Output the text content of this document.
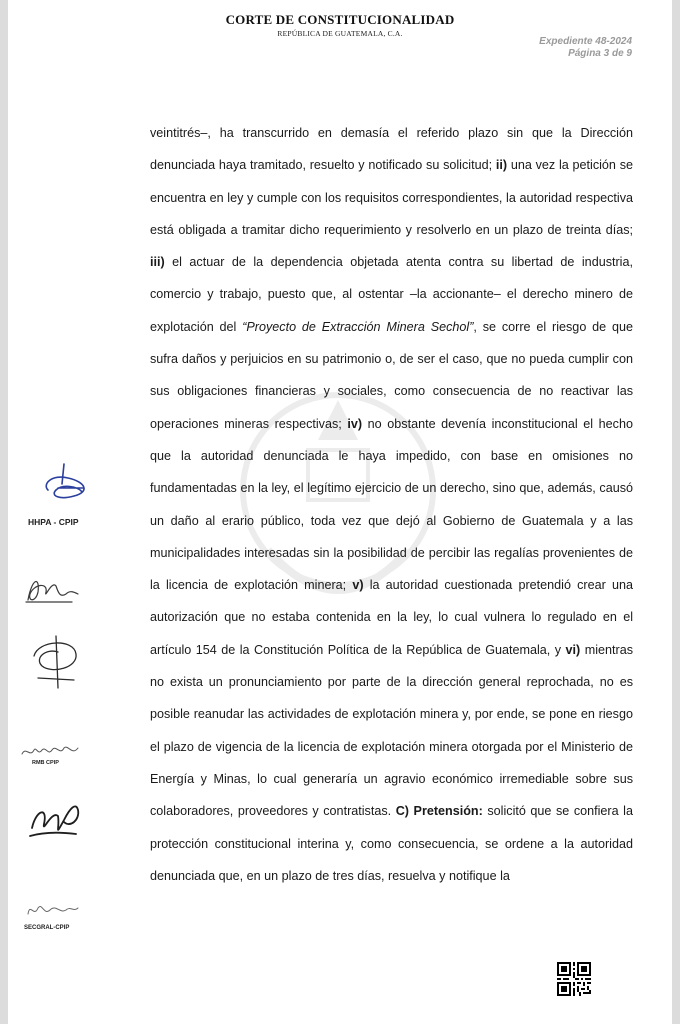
CORTE DE CONSTITUCIONALIDAD
REPÚBLICA DE GUATEMALA, C.A.
Expediente 48-2024
Página 3 de 9
veintitrés–, ha transcurrido en demasía el referido plazo sin que la Dirección denunciada haya tramitado, resuelto y notificado su solicitud; ii) una vez la petición se encuentra en ley y cumple con los requisitos correspondientes, la autoridad respectiva está obligada a tramitar dicho requerimiento y resolverlo en un plazo de treinta días; iii) el actuar de la dependencia objetada atenta contra su libertad de industria, comercio y trabajo, puesto que, al ostentar –la accionante– el derecho minero de explotación del “Proyecto de Extracción Minera Sechol”, se corre el riesgo de que sufra daños y perjuicios en su patrimonio o, de ser el caso, que no pueda cumplir con sus obligaciones financieras y sociales, como consecuencia de no reactivar las operaciones mineras respectivas; iv) no obstante devenía inconstitucional el hecho que la autoridad denunciada le haya impedido, con base en omisiones no fundamentadas en la ley, el legítimo ejercicio de un derecho, sino que, además, causó un daño al erario público, toda vez que dejó al Gobierno de Guatemala y a las municipalidades interesadas sin la posibilidad de percibir las regalías provenientes de la licencia de explotación minera; v) la autoridad cuestionada pretendió crear una autorización que no estaba contenida en la ley, lo cual vulnera lo regulado en el artículo 154 de la Constitución Política de la República de Guatemala, y vi) mientras no exista un pronunciamiento por parte de la dirección general reprochada, no es posible reanudar las actividades de explotación minera y, por ende, se pone en riesgo el plazo de vigencia de la licencia de explotación minera otorgada por el Ministerio de Energía y Minas, lo cual generaría un agravio económico irremediable sobre sus colaboradores, proveedores y contratistas. C) Pretensión: solicitó que se confiera la protección constitucional interina y, como consecuencia, se ordene a la autoridad denunciada que, en un plazo de tres días, resuelva y notifique la
HHPA - CPIP
RMB CPIP
SECGRAL-CPIP
